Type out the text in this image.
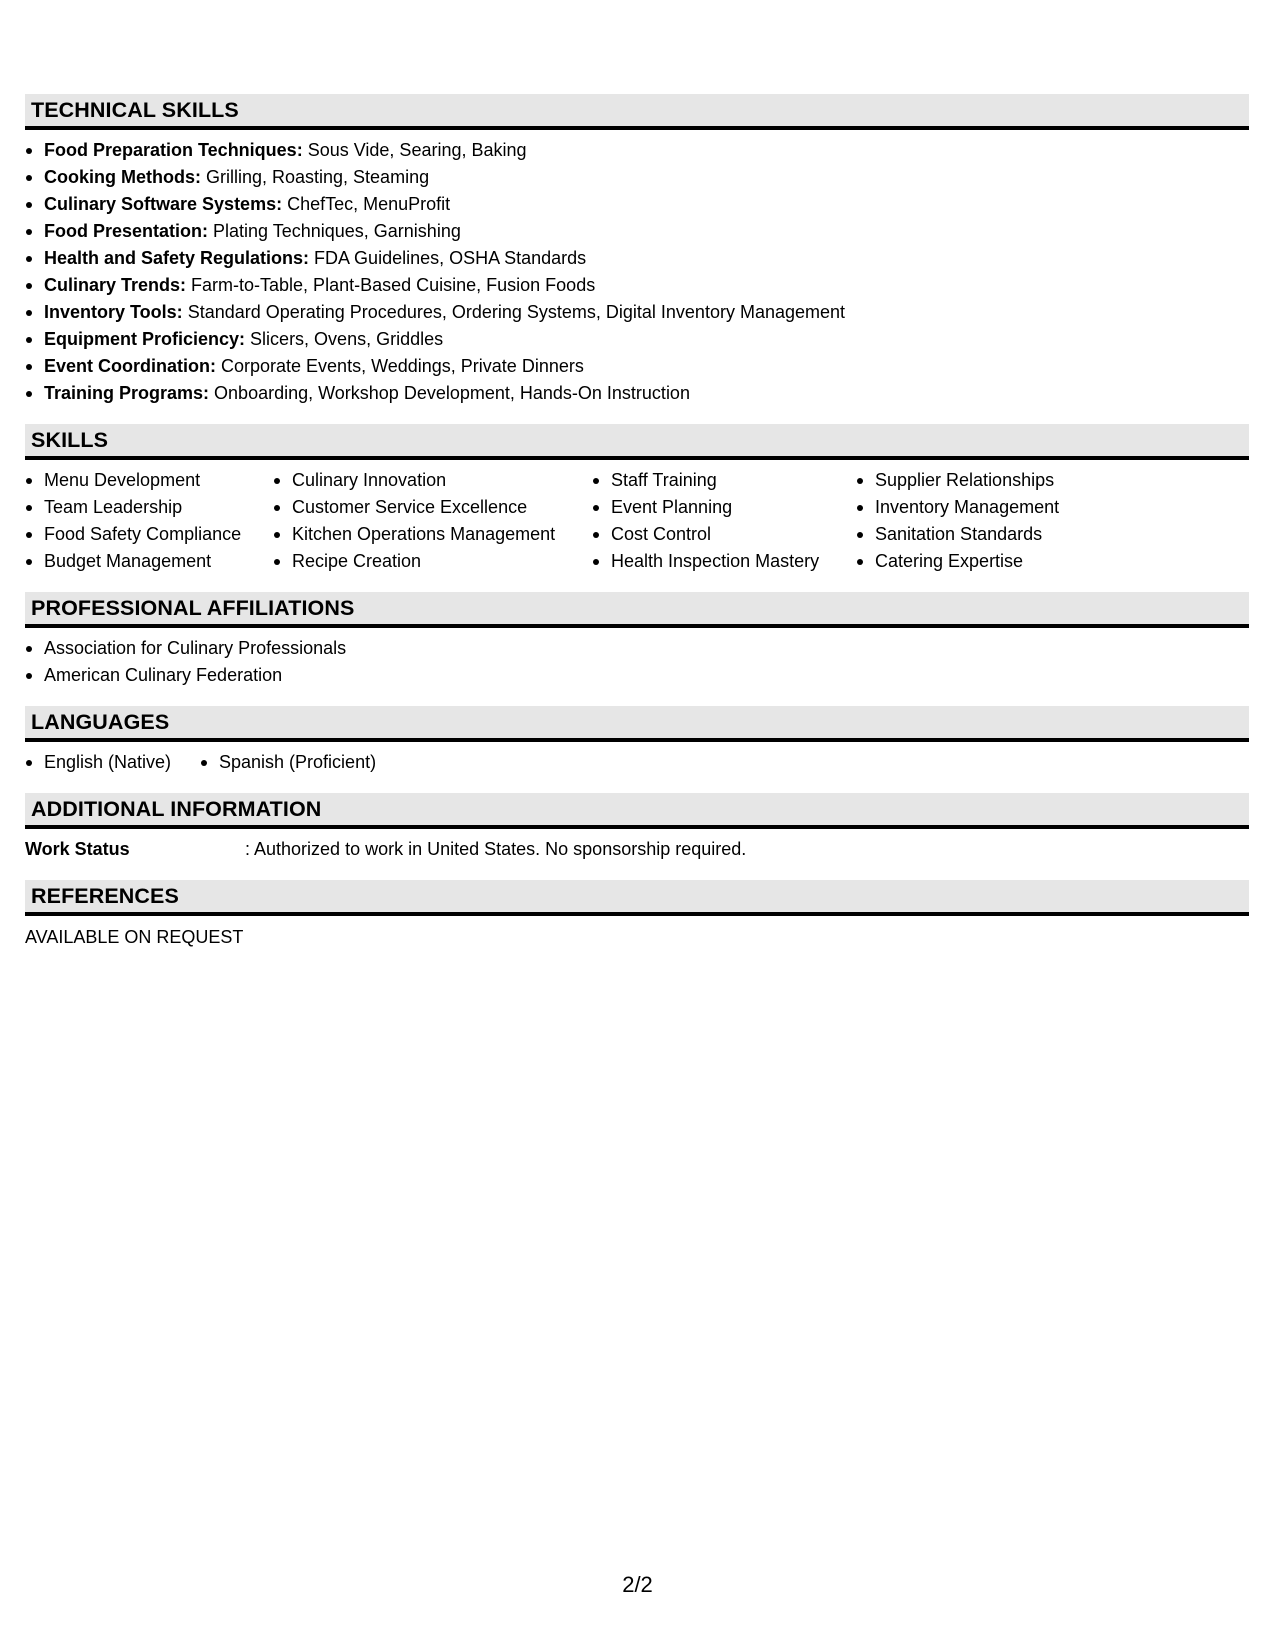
TECHNICAL SKILLS
Food Preparation Techniques: Sous Vide, Searing, Baking
Cooking Methods: Grilling, Roasting, Steaming
Culinary Software Systems: ChefTec, MenuProfit
Food Presentation: Plating Techniques, Garnishing
Health and Safety Regulations: FDA Guidelines, OSHA Standards
Culinary Trends: Farm-to-Table, Plant-Based Cuisine, Fusion Foods
Inventory Tools: Standard Operating Procedures, Ordering Systems, Digital Inventory Management
Equipment Proficiency: Slicers, Ovens, Griddles
Event Coordination: Corporate Events, Weddings, Private Dinners
Training Programs: Onboarding, Workshop Development, Hands-On Instruction
SKILLS
Menu Development
Team Leadership
Food Safety Compliance
Budget Management
Culinary Innovation
Customer Service Excellence
Kitchen Operations Management
Recipe Creation
Staff Training
Event Planning
Cost Control
Health Inspection Mastery
Supplier Relationships
Inventory Management
Sanitation Standards
Catering Expertise
PROFESSIONAL AFFILIATIONS
Association for Culinary Professionals
American Culinary Federation
LANGUAGES
English (Native)	Spanish (Proficient)
ADDITIONAL INFORMATION
Work Status	: Authorized to work in United States. No sponsorship required.
REFERENCES
AVAILABLE ON REQUEST
2/2
